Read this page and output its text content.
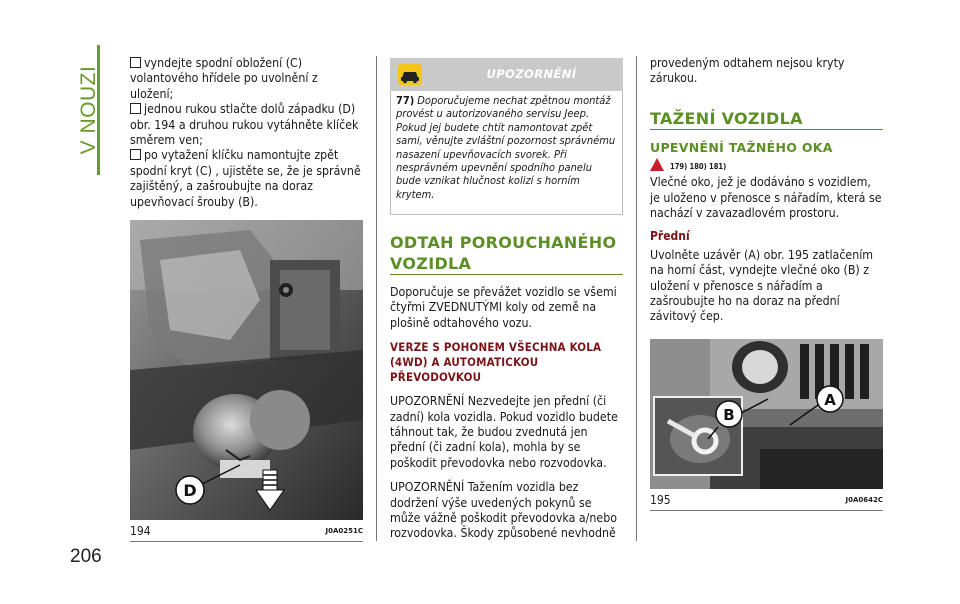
V NOUZI
206

vyndejte spodní obložení (C) volantového hřídele po uvolnění z uložení;

jednou rukou stlačte dolů západku (D) obr. 194 a druhou rukou vytáhněte klíček směrem ven;

po vytažení klíčku namontujte zpět spodní kryt (C) , ujistěte se, že je správně zajištěný, a zašroubujte na doraz upevňovací šrouby (B).

D
194	J0A0251C
UPOZORNĚNÍ
77) Doporučujeme nechat zpětnou montáž provést u autorizovaného servisu Jeep. Pokud jej budete chtít namontovat zpět sami, věnujte zvláštní pozornost správnému nasazení upevňovacích svorek. Při nesprávném upevnění spodního panelu bude vznikat hlučnost kolizí s horním krytem.
ODTAH POROUCHANÉHO
VOZIDLA

Doporučuje se převážet vozidlo se všemi čtyřmi ZVEDNUTÝMI koly od země na plošině odtahového vozu.

VERZE S POHONEM VŠECHNA KOLA (4WD) A AUTOMATICKOU PŘEVODOVKOU

UPOZORNĚNÍ Nezvedejte jen přední (či zadní) kola vozidla. Pokud vozidlo budete táhnout tak, že budou zvednutá jen přední (či zadní kola), mohla by se poškodit převodovka nebo rozvodovka.

UPOZORNĚNÍ Tažením vozidla bez dodržení výše uvedených pokynů se může vážně poškodit převodovka a/nebo rozvodovka. Škody způsobené nevhodně

provedeným odtahem nejsou kryty zárukou.

TAŽENÍ VOZIDLA
UPEVNĚNÍ TAŽNÉHO OKA
179) 180) 181)

Vlečné oko, jež je dodáváno s vozidlem, je uloženo v přenosce s nářadím, která se nachází v zavazadlovém prostoru.

Přední

Uvolněte uzávěr (A) obr. 195 zatlačením na horní část, vyndejte vlečné oko (B) z uložení v přenosce s nářadím a zašroubujte ho na doraz na přední závitový čep.

B
A
195	J0A0642C
